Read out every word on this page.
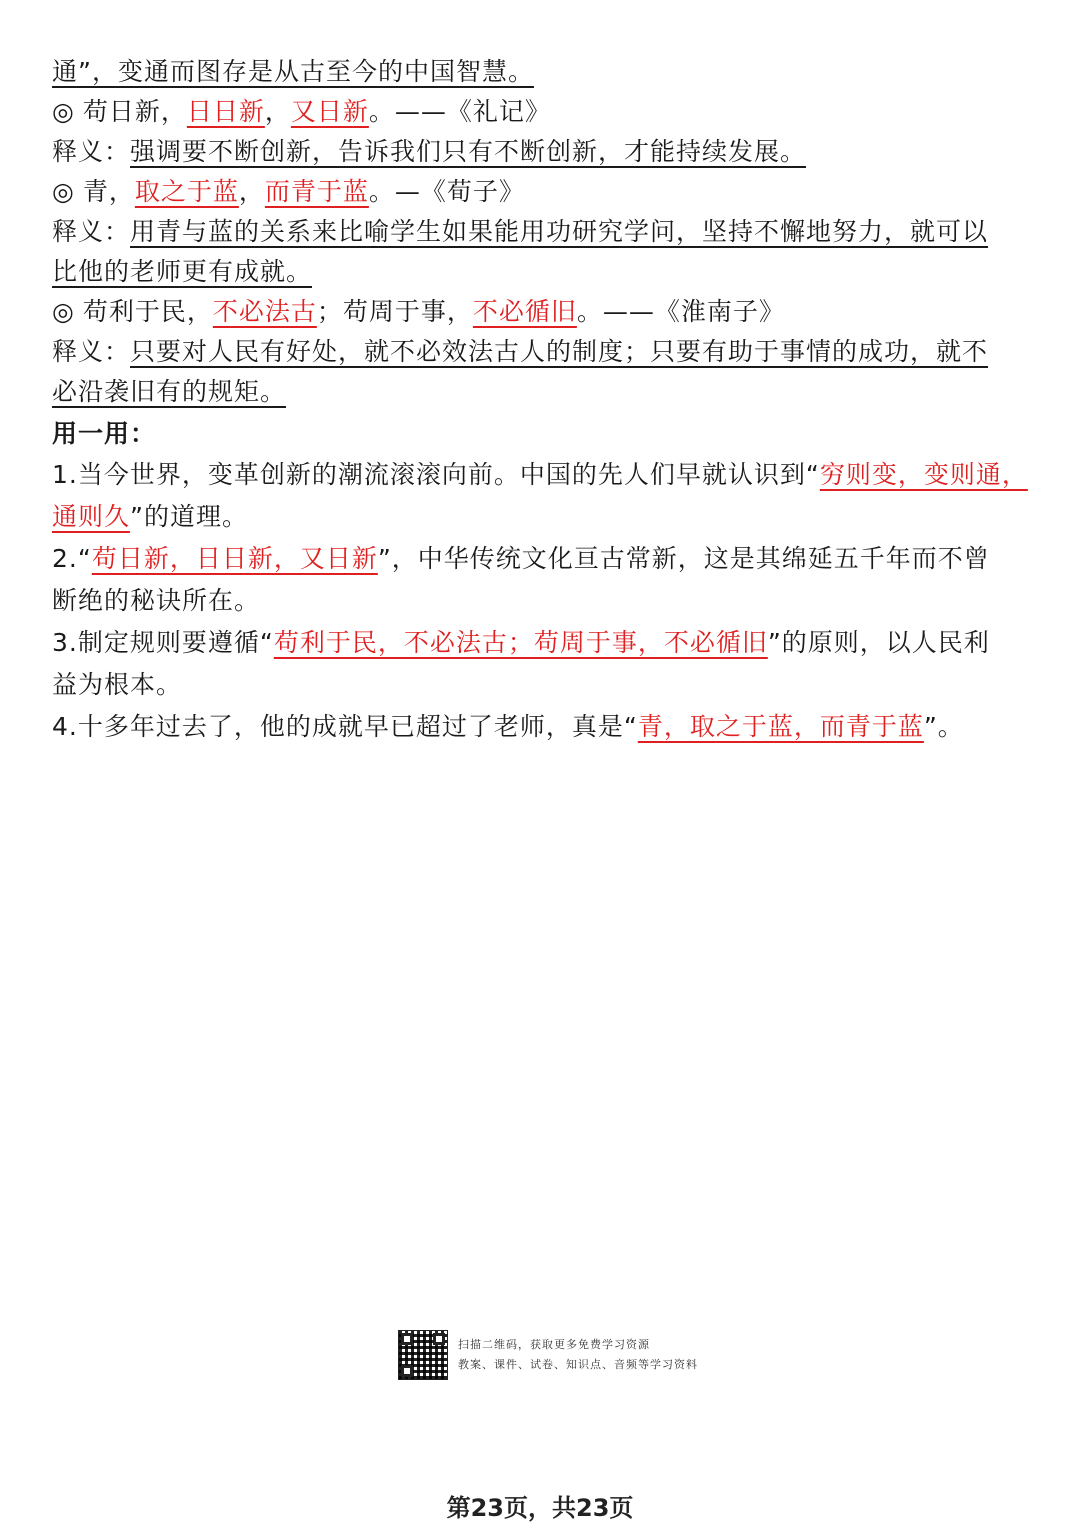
通”，变通而图存是从古至今的中国智慧。
◎ 苟日新，日日新，又日新。——《礼记》
释义：强调要不断创新，告诉我们只有不断创新，才能持续发展。
◎ 青，取之于蓝，而青于蓝。—《荀子》
释义：用青与蓝的关系来比喻学生如果能用功研究学问，坚持不懈地努力，就可以
比他的老师更有成就。
◎ 苟利于民，不必法古；苟周于事，不必循旧。——《淮南子》
释义：只要对人民有好处，就不必效法古人的制度；只要有助于事情的成功，就不
必沿袭旧有的规矩。
用一用：
1.当今世界，变革创新的潮流滚滚向前。中国的先人们早就认识到“穷则变，变则通，
通则久”的道理。
2.“苟日新，日日新，又日新”，中华传统文化亘古常新，这是其绵延五千年而不曾
断绝的秘诀所在。
3.制定规则要遵循“苟利于民，不必法古；苟周于事，不必循旧”的原则，以人民利
益为根本。
4.十多年过去了，他的成就早已超过了老师，真是“青，取之于蓝，而青于蓝”。
扫描二维码，获取更多免费学习资源
教案、课件、试卷、知识点、音频等学习资料
第23页，共23页
